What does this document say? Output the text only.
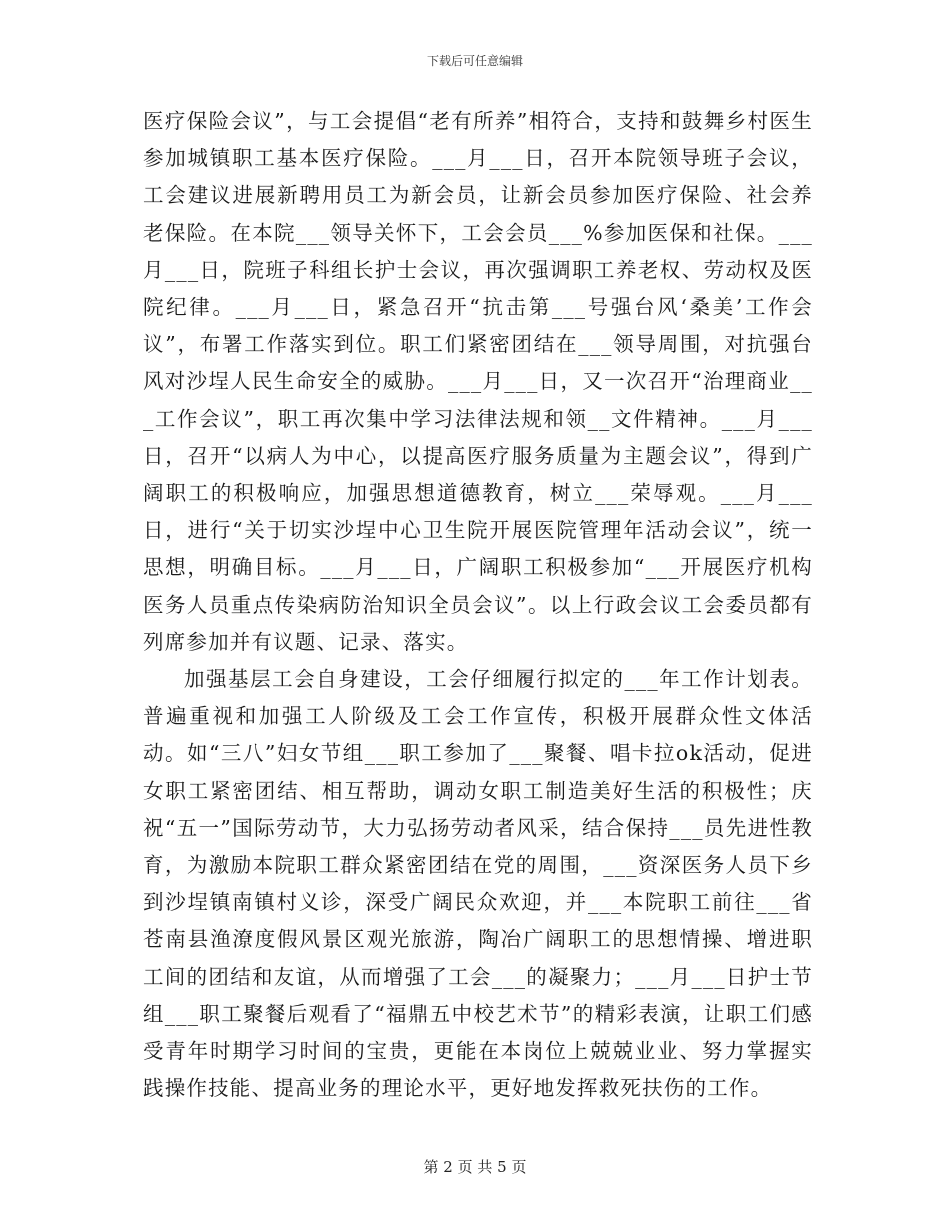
下载后可任意编辑

医疗保险会议”，与工会提倡“老有所养”相符合，支持和鼓舞乡村医生参加城镇职工基本医疗保险。___月___日，召开本院领导班子会议，工会建议进展新聘用员工为新会员，让新会员参加医疗保险、社会养老保险。在本院___领导关怀下，工会会员___%参加医保和社保。___月___日，院班子科组长护士会议，再次强调职工养老权、劳动权及医院纪律。___月___日，紧急召开“抗击第___号强台风‘桑美’工作会议”，布署工作落实到位。职工们紧密团结在___领导周围，对抗强台风对沙埕人民生命安全的威胁。___月___日，又一次召开“治理商业___工作会议”，职工再次集中学习法律法规和领__文件精神。___月___日，召开“以病人为中心，以提高医疗服务质量为主题会议”，得到广阔职工的积极响应，加强思想道德教育，树立___荣辱观。___月___日，进行“关于切实沙埕中心卫生院开展医院管理年活动会议”，统一思想，明确目标。___月___日，广阔职工积极参加“___开展医疗机构医务人员重点传染病防治知识全员会议”。以上行政会议工会委员都有列席参加并有议题、记录、落实。

加强基层工会自身建设，工会仔细履行拟定的___年工作计划表。普遍重视和加强工人阶级及工会工作宣传，积极开展群众性文体活动。如“三八”妇女节组___职工参加了___聚餐、唱卡拉ok活动，促进女职工紧密团结、相互帮助，调动女职工制造美好生活的积极性；庆祝“五一”国际劳动节，大力弘扬劳动者风采，结合保持___员先进性教育，为激励本院职工群众紧密团结在党的周围，___资深医务人员下乡到沙埕镇南镇村义诊，深受广阔民众欢迎，并___本院职工前往___省苍南县渔潦度假风景区观光旅游，陶冶广阔职工的思想情操、增进职工间的团结和友谊，从而增强了工会___的凝聚力；___月___日护士节组___职工聚餐后观看了“福鼎五中校艺术节”的精彩表演，让职工们感受青年时期学习时间的宝贵，更能在本岗位上兢兢业业、努力掌握实践操作技能、提高业务的理论水平，更好地发挥救死扶伤的工作。

第 2 页 共 5 页
